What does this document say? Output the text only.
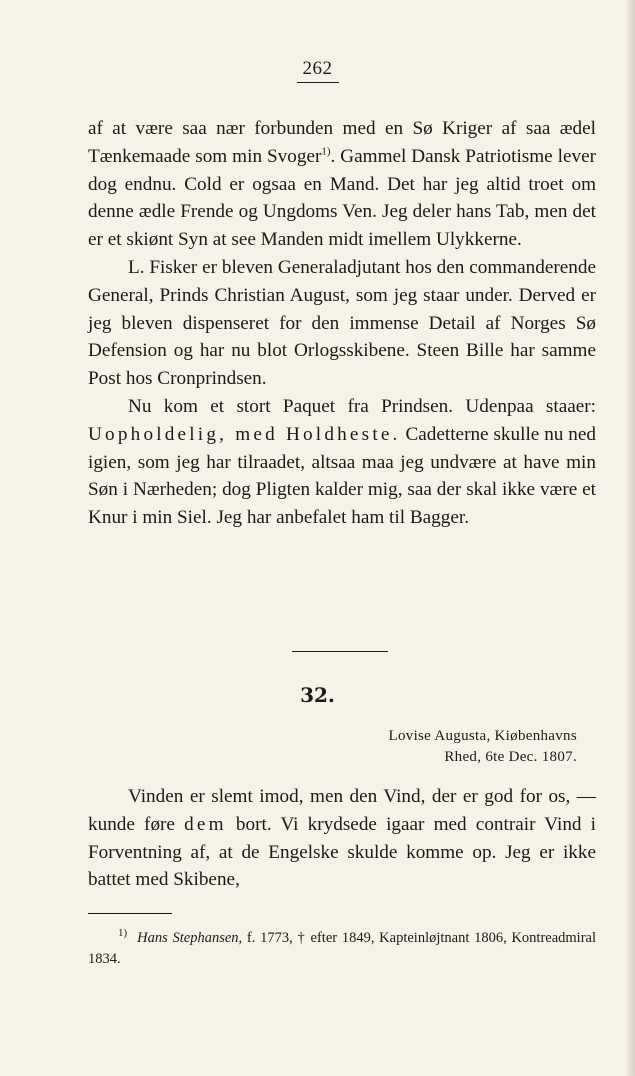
262

af at være saa nær forbunden med en Sø Kriger af saa ædel Tænkemaade som min Svoger$^{1)}$. Gammel Dansk Patriotisme lever dog endnu. Cold er ogsaa en Mand. Det har jeg altid troet om denne ædle Frende og Ungdoms Ven. Jeg deler hans Tab, men det er et skiønt Syn at see Manden midt imellem Ulykkerne.

L. Fisker er bleven Generaladjutant hos den commanderende General, Prinds Christian August, som jeg staar under. Derved er jeg bleven dispenseret for den immense Detail af Norges Sø Defension og har nu blot Orlogsskibene. Steen Bille har samme Post hos Cronprindsen.

Nu kom et stort Paquet fra Prindsen. Udenpaa staaer: Uopholdelig, med Holdheste. Cadetterne skulle nu ned igien, som jeg har tilraadet, altsaa maa jeg undvære at have min Søn i Nærheden; dog Pligten kalder mig, saa der skal ikke være et Knur i min Siel. Jeg har anbefalet ham til Bagger.

32.
Lovise Augusta, Kiøbenhavns
Rhed, 6te Dec. 1807.

Vinden er slemt imod, men den Vind, der er god for os, — kunde føre dem bort. Vi krydsede igaar med contrair Vind i Forventning af, at de Engelske skulde komme op. Jeg er ikke battet med Skibene,

$^{1)}$ Hans Stephansen, f. 1773, † efter 1849, Kapteinløjtnant 1806, Kontreadmiral 1834.
